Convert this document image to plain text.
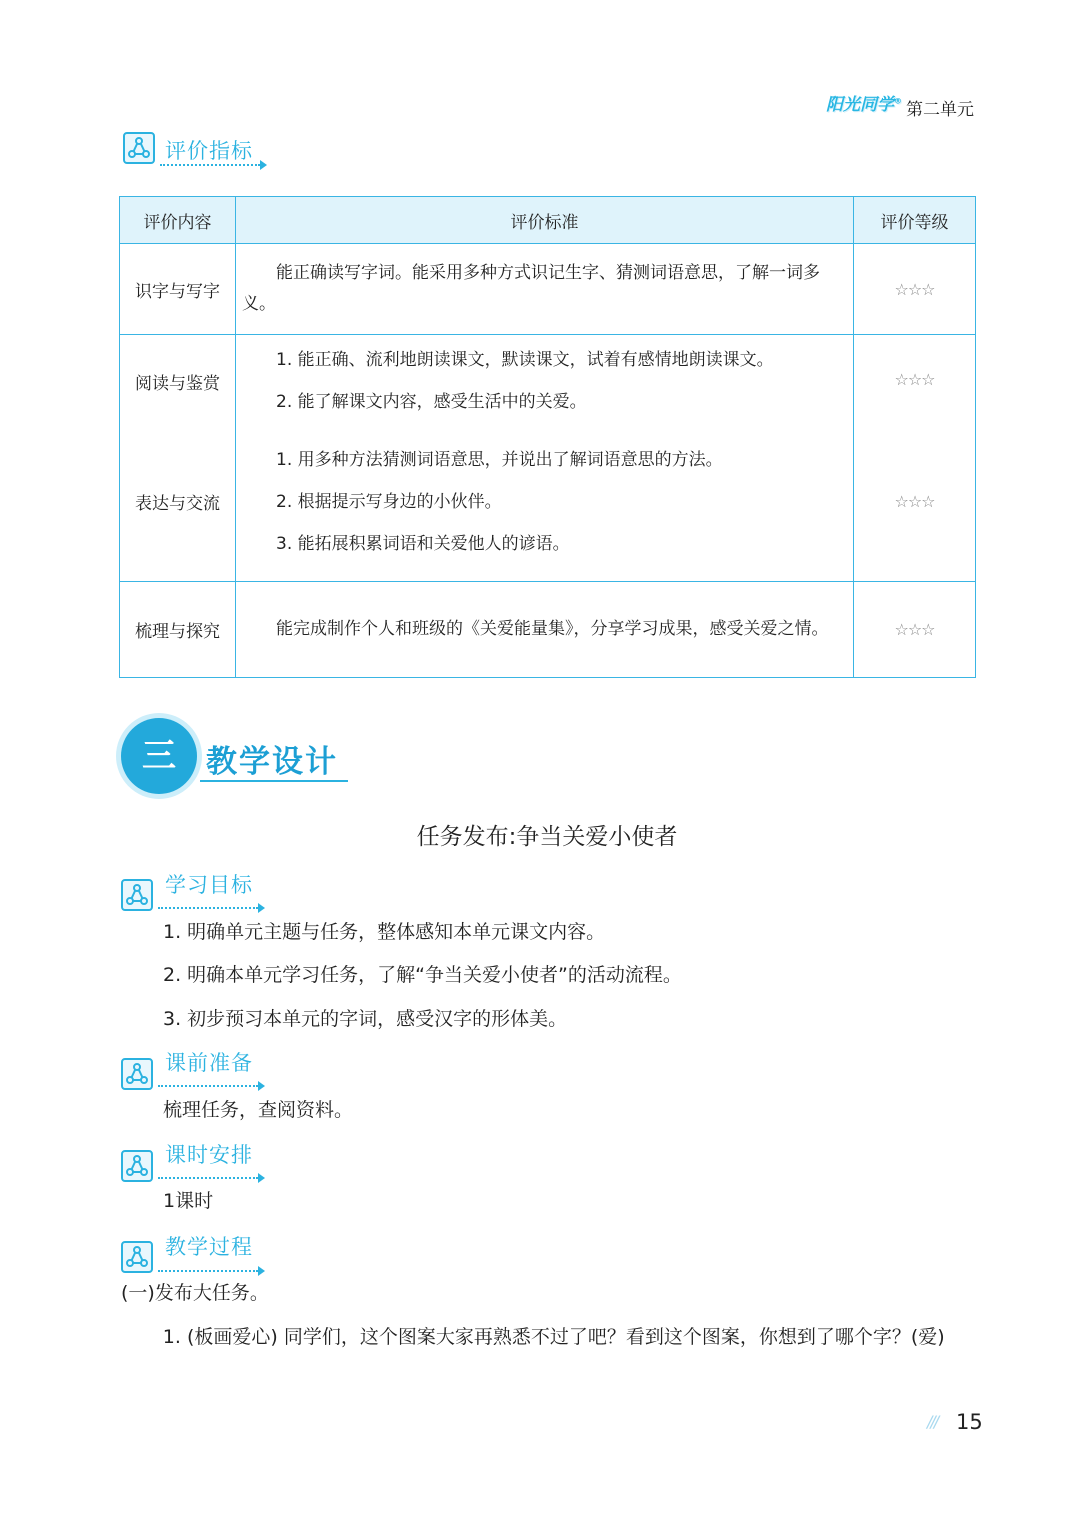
阳光同学® 第二单元
评价指标
评价内容	评价标准	评价等级
识字与写字	能正确读写字词。能采用多种方式识记生字、猜测词语意思，了解一词多义。	☆☆☆
阅读与鉴赏	1. 能正确、流利地朗读课文，默读课文，试着有感情地朗读课文。
2. 能了解课文内容，感受生活中的关爱。	☆☆☆
表达与交流	1. 用多种方法猜测词语意思，并说出了解词语意思的方法。
2. 根据提示写身边的小伙伴。
3. 能拓展积累词语和关爱他人的谚语。	☆☆☆
梳理与探究	能完成制作个人和班级的《关爱能量集》，分享学习成果，感受关爱之情。	☆☆☆
三 教学设计
任务发布:争当关爱小使者
学习目标
1. 明确单元主题与任务，整体感知本单元课文内容。
2. 明确本单元学习任务，了解“争当关爱小使者”的活动流程。
3. 初步预习本单元的字词，感受汉字的形体美。
课前准备
梳理任务，查阅资料。
课时安排
1课时
教学过程
(一)发布大任务。
1. (板画爱心) 同学们，这个图案大家再熟悉不过了吧？看到这个图案，你想到了哪个字？(爱)
/// 15
